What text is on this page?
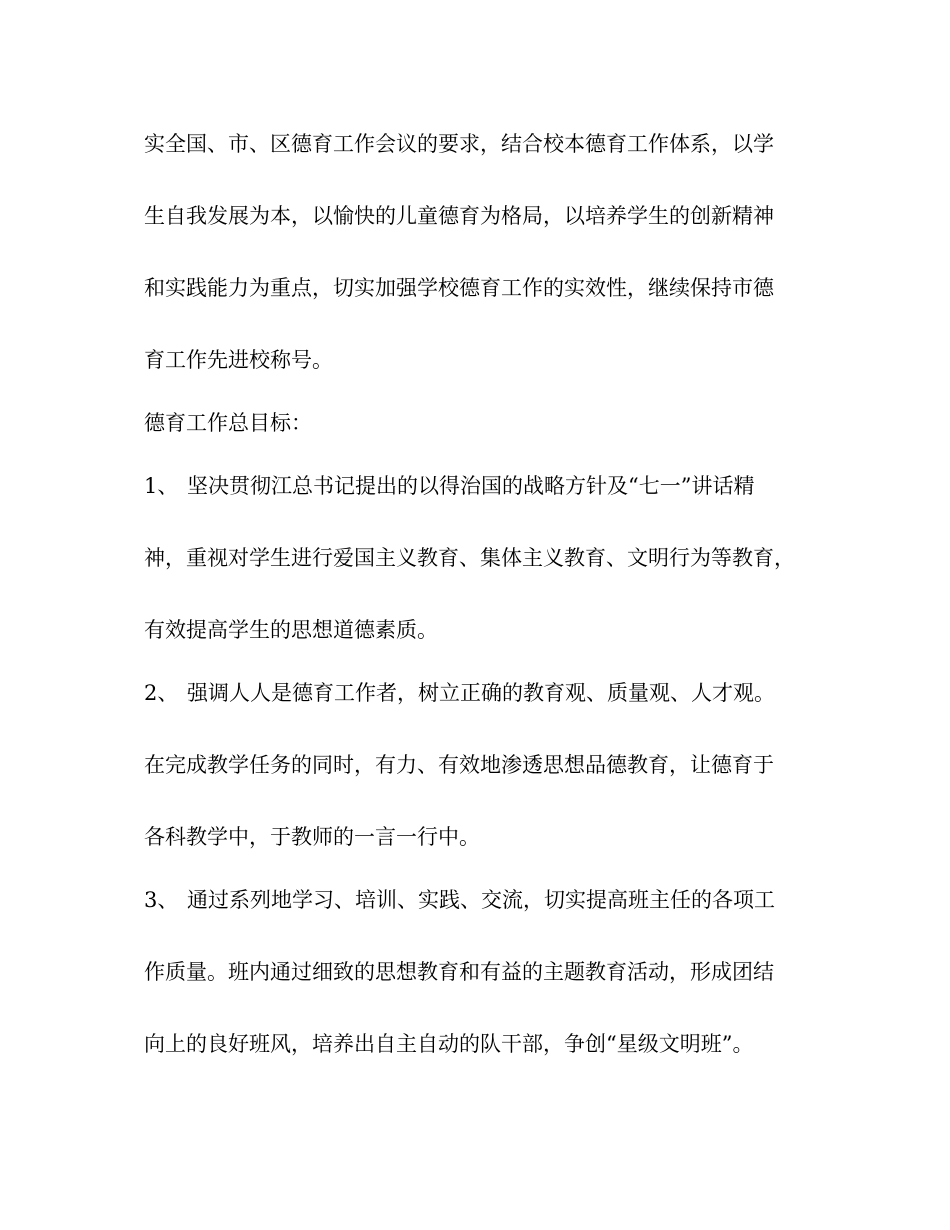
实全国、市、区德育工作会议的要求，结合校本德育工作体系，以学

生自我发展为本，以愉快的儿童德育为格局，以培养学生的创新精神

和实践能力为重点，切实加强学校德育工作的实效性，继续保持市德

育工作先进校称号。

德育工作总目标：

1、 坚决贯彻江总书记提出的以得治国的战略方针及“七一”讲话精

神，重视对学生进行爱国主义教育、集体主义教育、文明行为等教育，

有效提高学生的思想道德素质。

2、 强调人人是德育工作者，树立正确的教育观、质量观、人才观。

在完成教学任务的同时，有力、有效地渗透思想品德教育，让德育于

各科教学中，于教师的一言一行中。

3、 通过系列地学习、培训、实践、交流，切实提高班主任的各项工

作质量。班内通过细致的思想教育和有益的主题教育活动，形成团结

向上的良好班风，培养出自主自动的队干部，争创“星级文明班”。
